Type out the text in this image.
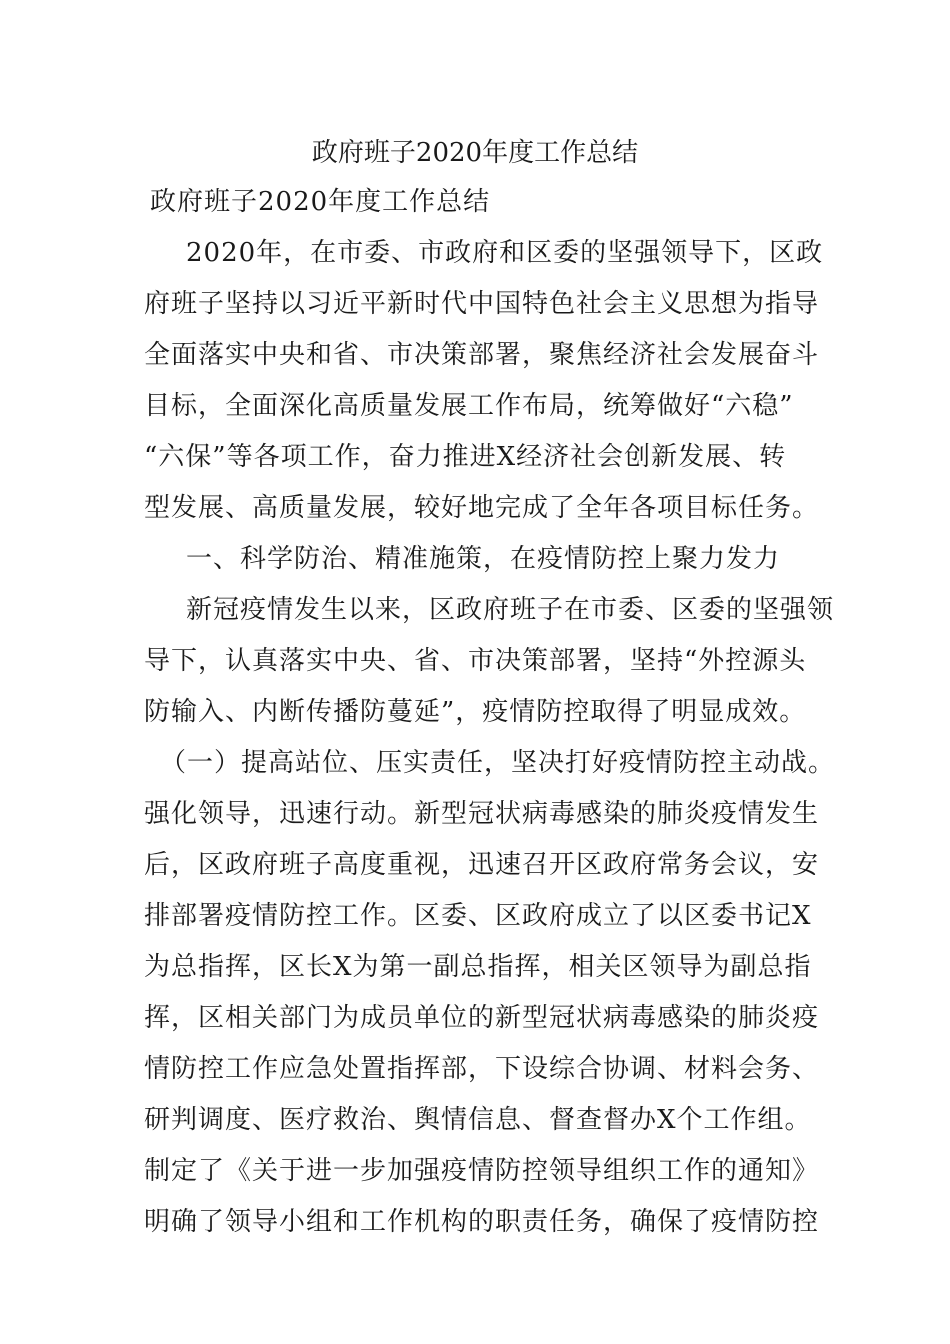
政府班子2020年度工作总结
政府班子2020年度工作总结
2020年，在市委、市政府和区委的坚强领导下，区政
府班子坚持以习近平新时代中国特色社会主义思想为指导
全面落实中央和省、市决策部署，聚焦经济社会发展奋斗
目标，全面深化高质量发展工作布局，统筹做好“六稳”
“六保”等各项工作，奋力推进X经济社会创新发展、转
型发展、高质量发展，较好地完成了全年各项目标任务。
一、科学防治、精准施策，在疫情防控上聚力发力
新冠疫情发生以来，区政府班子在市委、区委的坚强领
导下，认真落实中央、省、市决策部署，坚持“外控源头
防输入、内断传播防蔓延”，疫情防控取得了明显成效。
（一）提高站位、压实责任，坚决打好疫情防控主动战。
强化领导，迅速行动。新型冠状病毒感染的肺炎疫情发生
后，区政府班子高度重视，迅速召开区政府常务会议，安
排部署疫情防控工作。区委、区政府成立了以区委书记X
为总指挥，区长X为第一副总指挥，相关区领导为副总指
挥，区相关部门为成员单位的新型冠状病毒感染的肺炎疫
情防控工作应急处置指挥部，下设综合协调、材料会务、
研判调度、医疗救治、舆情信息、督查督办X个工作组。
制定了《关于进一步加强疫情防控领导组织工作的通知》
明确了领导小组和工作机构的职责任务，确保了疫情防控
